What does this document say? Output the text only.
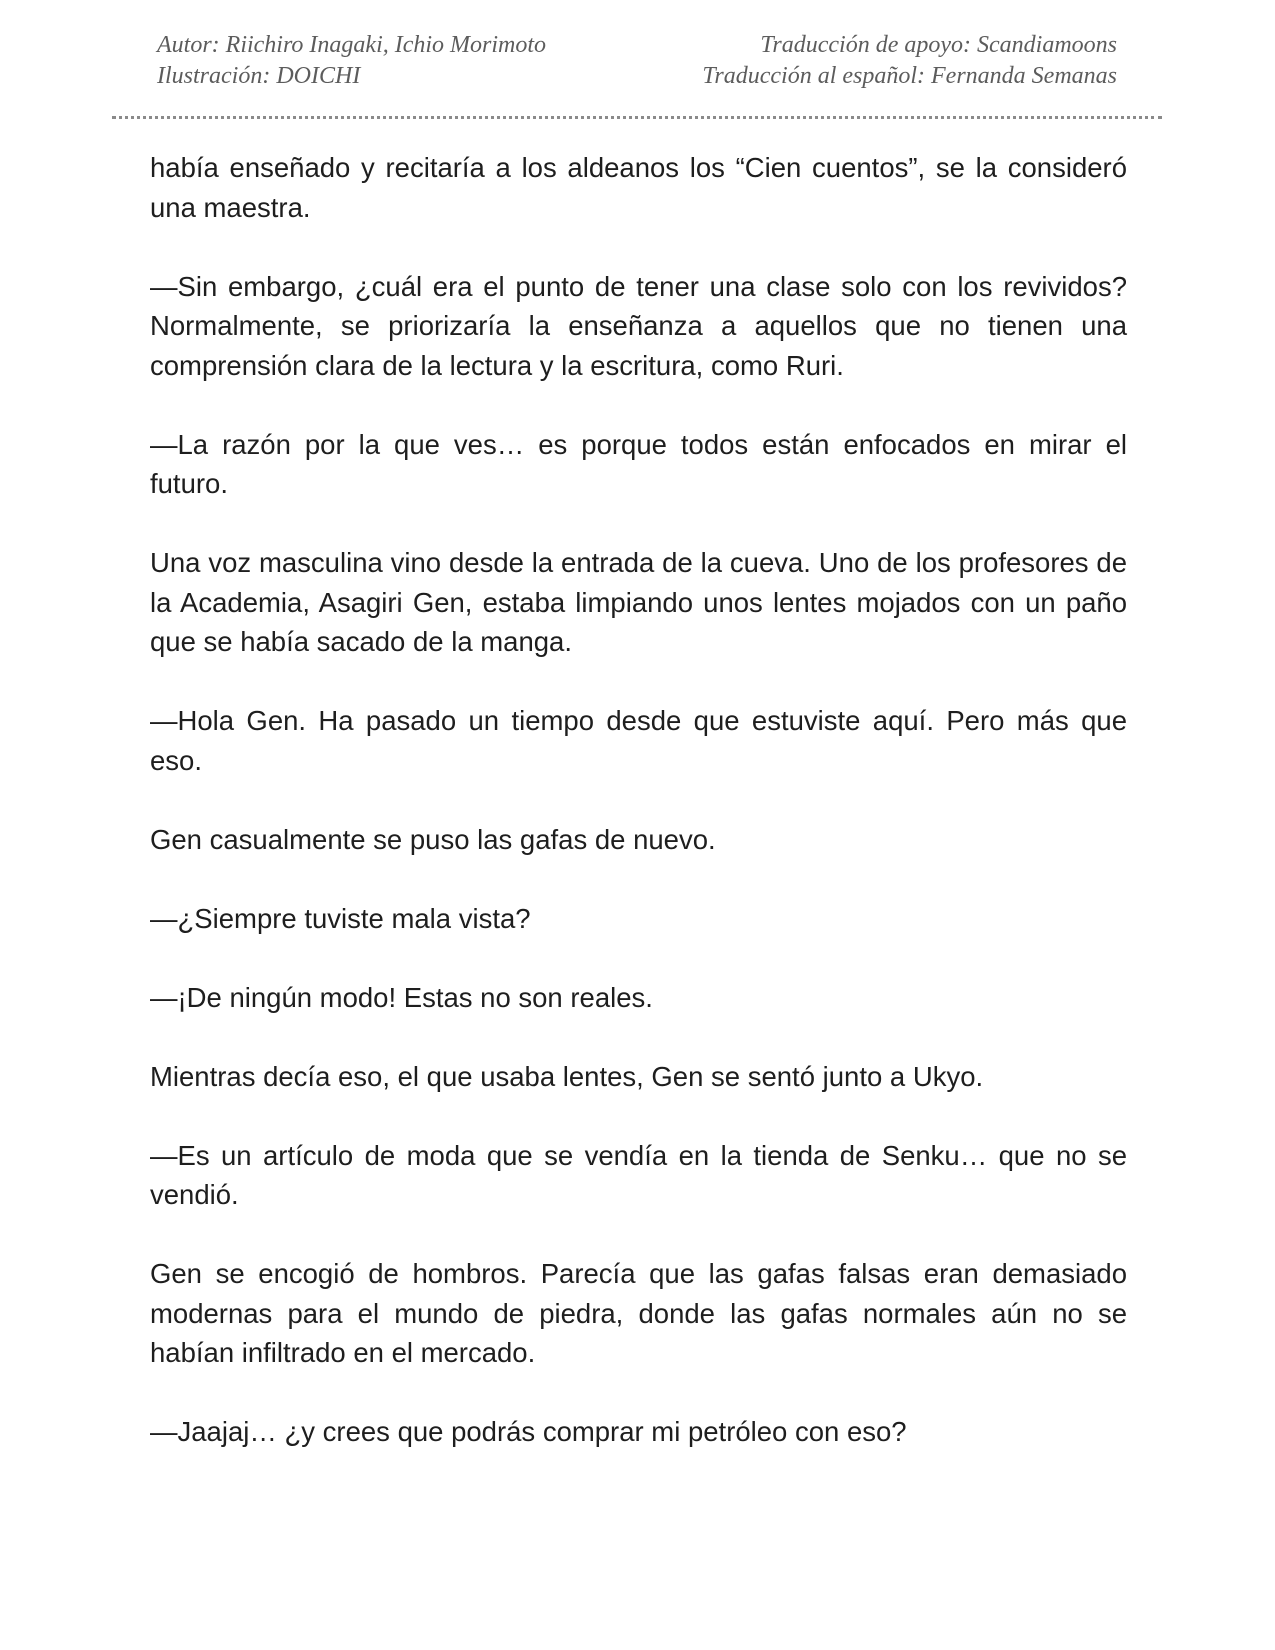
Autor: Riichiro Inagaki, Ichio Morimoto	Traducción de apoyo: Scandiamoons
Ilustración: DOICHI	Traducción al español: Fernanda Semanas

había enseñado y recitaría a los aldeanos los “Cien cuentos”, se la consideró una maestra.

—Sin embargo, ¿cuál era el punto de tener una clase solo con los revividos? Normalmente, se priorizaría la enseñanza a aquellos que no tienen una comprensión clara de la lectura y la escritura, como Ruri.

—La razón por la que ves… es porque todos están enfocados en mirar el futuro.

Una voz masculina vino desde la entrada de la cueva. Uno de los profesores de la Academia, Asagiri Gen, estaba limpiando unos lentes mojados con un paño que se había sacado de la manga.

—Hola Gen. Ha pasado un tiempo desde que estuviste aquí. Pero más que eso.

Gen casualmente se puso las gafas de nuevo.

—¿Siempre tuviste mala vista?

—¡De ningún modo! Estas no son reales.

Mientras decía eso, el que usaba lentes, Gen se sentó junto a Ukyo.

—Es un artículo de moda que se vendía en la tienda de Senku… que no se vendió.

Gen se encogió de hombros. Parecía que las gafas falsas eran demasiado modernas para el mundo de piedra, donde las gafas normales aún no se habían infiltrado en el mercado.

—Jaajaj… ¿y crees que podrás comprar mi petróleo con eso?
